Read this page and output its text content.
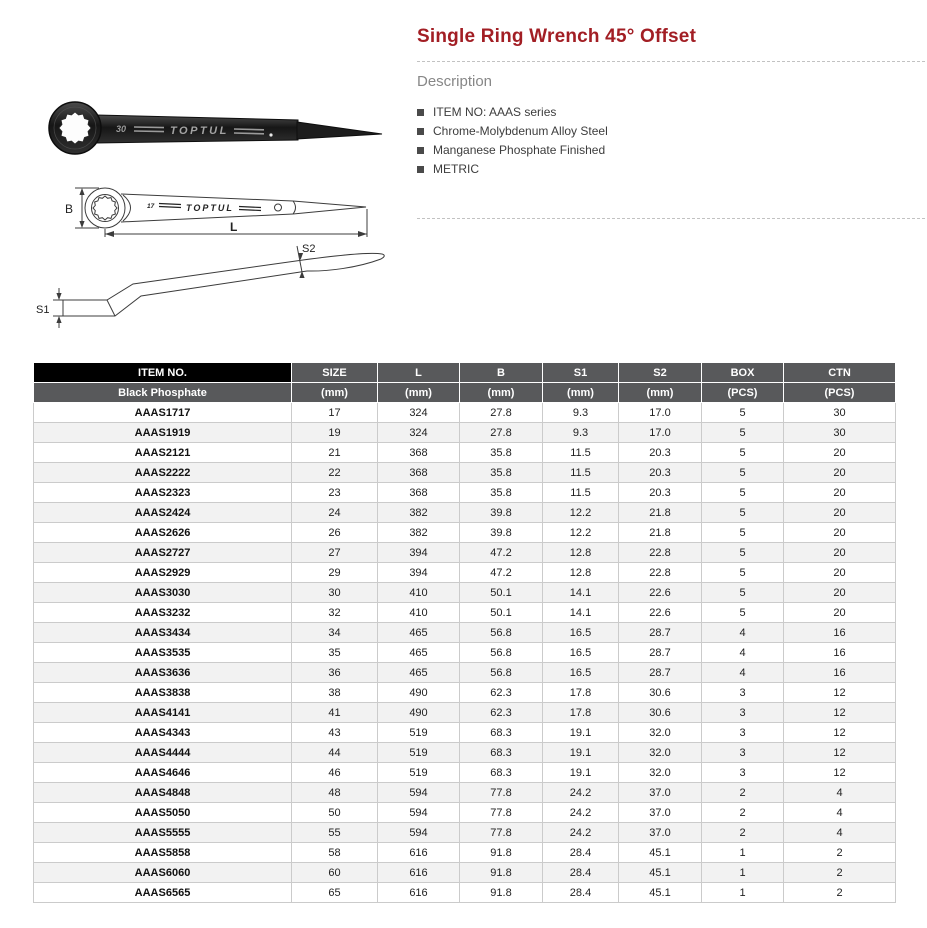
30	TOPTUL
17	TOPTUL
B
L
S1
S2
Single Ring Wrench 45° Offset
Description
ITEM NO: AAAS series
Chrome-Molybdenum Alloy Steel
Manganese Phosphate Finished
METRIC
ITEM NO.	SIZE	L	B	S1	S2	BOX	CTN
Black Phosphate	(mm)	(mm)	(mm)	(mm)	(mm)	(PCS)	(PCS)
AAAS1717	17	324	27.8	9.3	17.0	5	30
AAAS1919	19	324	27.8	9.3	17.0	5	30
AAAS2121	21	368	35.8	11.5	20.3	5	20
AAAS2222	22	368	35.8	11.5	20.3	5	20
AAAS2323	23	368	35.8	11.5	20.3	5	20
AAAS2424	24	382	39.8	12.2	21.8	5	20
AAAS2626	26	382	39.8	12.2	21.8	5	20
AAAS2727	27	394	47.2	12.8	22.8	5	20
AAAS2929	29	394	47.2	12.8	22.8	5	20
AAAS3030	30	410	50.1	14.1	22.6	5	20
AAAS3232	32	410	50.1	14.1	22.6	5	20
AAAS3434	34	465	56.8	16.5	28.7	4	16
AAAS3535	35	465	56.8	16.5	28.7	4	16
AAAS3636	36	465	56.8	16.5	28.7	4	16
AAAS3838	38	490	62.3	17.8	30.6	3	12
AAAS4141	41	490	62.3	17.8	30.6	3	12
AAAS4343	43	519	68.3	19.1	32.0	3	12
AAAS4444	44	519	68.3	19.1	32.0	3	12
AAAS4646	46	519	68.3	19.1	32.0	3	12
AAAS4848	48	594	77.8	24.2	37.0	2	4
AAAS5050	50	594	77.8	24.2	37.0	2	4
AAAS5555	55	594	77.8	24.2	37.0	2	4
AAAS5858	58	616	91.8	28.4	45.1	1	2
AAAS6060	60	616	91.8	28.4	45.1	1	2
AAAS6565	65	616	91.8	28.4	45.1	1	2
